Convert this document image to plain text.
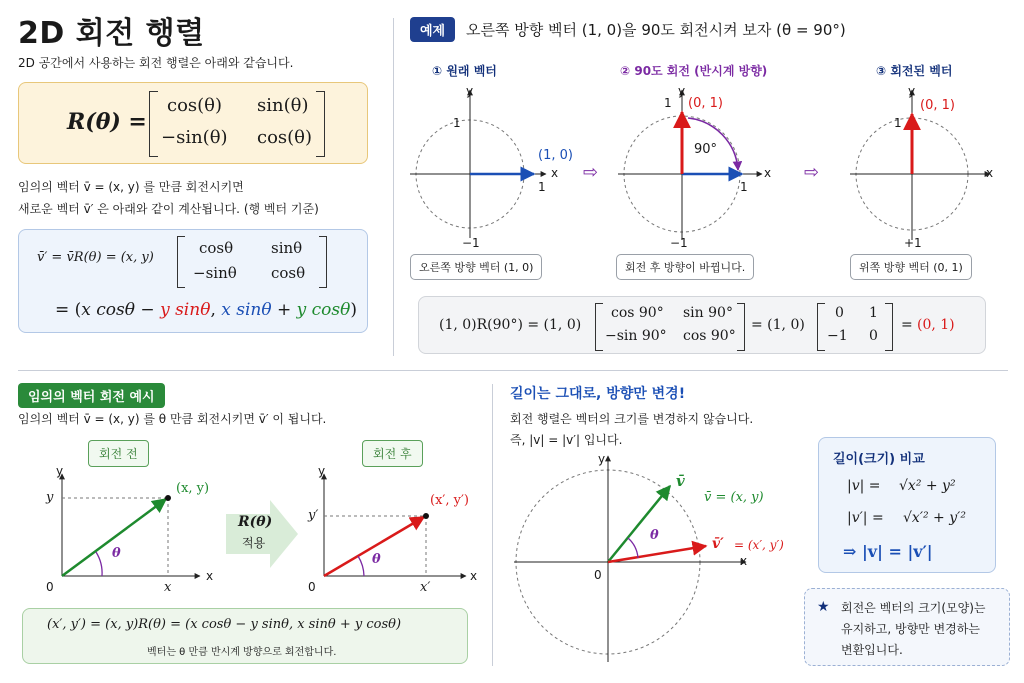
2D 회전 행렬
2D 공간에서 사용하는 회전 행렬은 아래와 같습니다.
R(θ) =
cos(θ) sin(θ)
−sin(θ) cos(θ)
임의의 벡터 v̄ = (x, y) 를 만큼 회전시키면
새로운 벡터 v̄′ 은 아래와 같이 계산됩니다. (행 벡터 기준)
v̄′ = v̄R(θ) = (x, y)
cosθ	sinθ
−sinθ cosθ
= (x cosθ − y sinθ, x sinθ + y cosθ)
예제	오른쪽 방향 벡터 (1, 0)을 90도 회전시켜 보자 (θ = 90°)
① 원래 벡터	② 90도 회전 (반시계 방향)	③ 회전된 벡터
y
x
1
1
−1
(1, 0)
오른쪽 방향 벡터 (1, 0)
⇨
y
x
1
1
−1
(0, 1)
90°
회전 후 방향이 바뀝니다.
⇨
y
x
1
+1
(0, 1)
위쪽 방향 벡터 (0, 1)
(1, 0)R(90°) = (1, 0)
cos 90° sin 90°
−sin 90° cos 90°
= (1, 0)
0 1
−1 0
= (0, 1)
임의의 벡터 회전 예시
임의의 벡터 v̄ = (x, y) 를 θ 만큼 회전시키면 v̄′ 이 됩니다.
회전 전	회전 후
y
x
y
x
0
(x, y)
θ
R(θ)
적용
y
x
y′
x′
0
(x′, y′)
θ
(x′, y′) = (x, y)R(θ) = (x cosθ − y sinθ, x sinθ + y cosθ)
벡터는 θ 만큼 반시계 방향으로 회전합니다.
길이는 그대로, 방향만 변경!
회전 행렬은 벡터의 크기를 변경하지 않습니다.
즉, |v| = |v′| 입니다.
y
x
0
v̄
v̄ = (x, y)
v̄′ = (x′, y′)
θ
길이(크기) 비교
|v| = √x² + y²
|v′| = √x′² + y′²
⇒ |v| = |v′|
★ 회전은 벡터의 크기(모양)는
유지하고, 방향만 변경하는
변환입니다.
